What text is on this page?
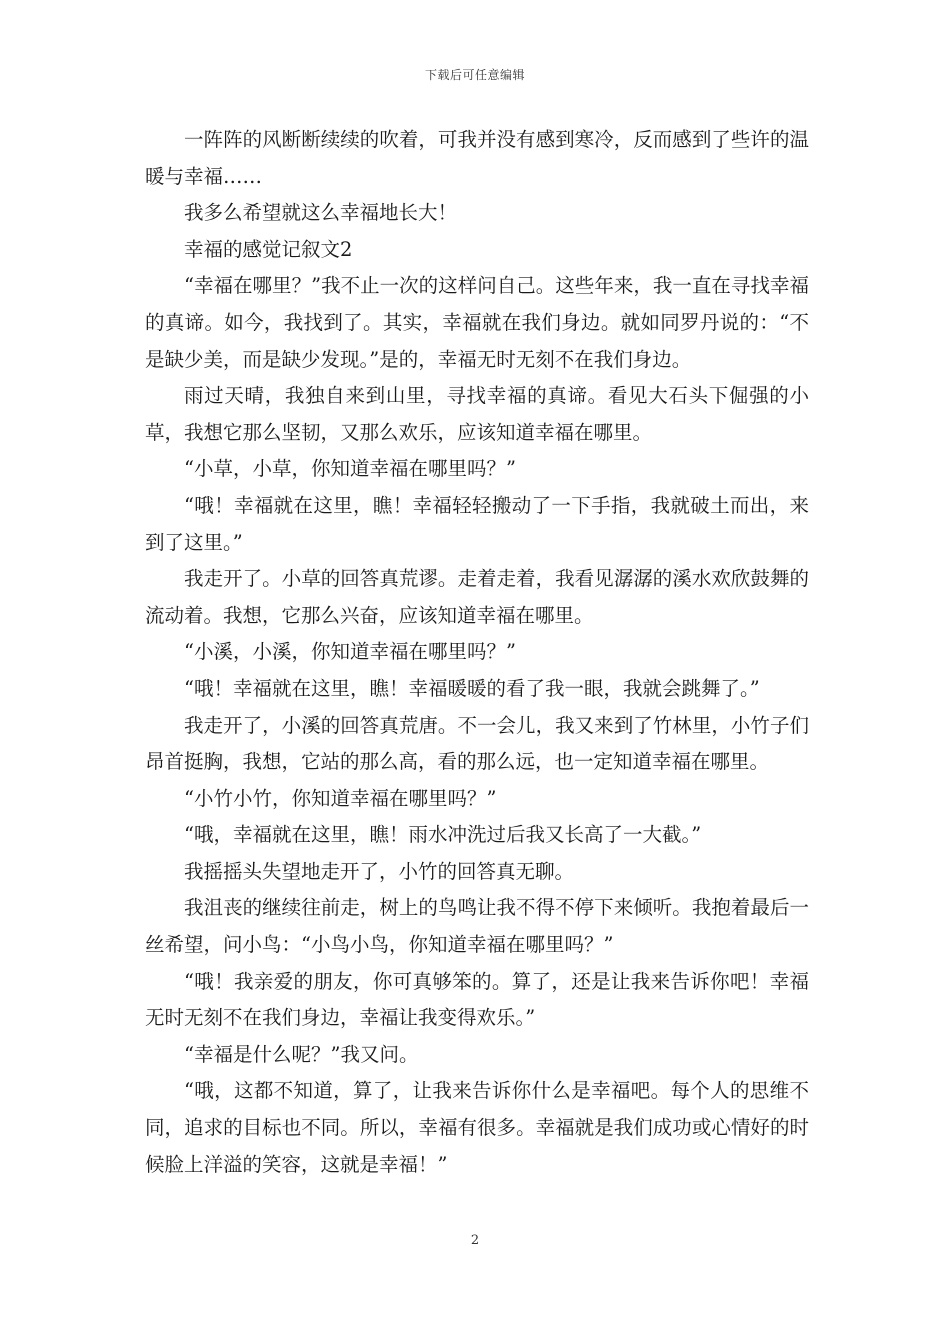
下载后可任意编辑

一阵阵的风断断续续的吹着，可我并没有感到寒冷，反而感到了些许的温暖与幸福……

我多么希望就这么幸福地长大！

幸福的感觉记叙文2

“幸福在哪里？”我不止一次的这样问自己。这些年来，我一直在寻找幸福的真谛。如今，我找到了。其实，幸福就在我们身边。就如同罗丹说的：“不是缺少美，而是缺少发现。”是的，幸福无时无刻不在我们身边。

雨过天晴，我独自来到山里，寻找幸福的真谛。看见大石头下倔强的小草，我想它那么坚韧，又那么欢乐，应该知道幸福在哪里。

“小草，小草，你知道幸福在哪里吗？”

“哦！幸福就在这里，瞧！幸福轻轻搬动了一下手指，我就破土而出，来到了这里。”

我走开了。小草的回答真荒谬。走着走着，我看见潺潺的溪水欢欣鼓舞的流动着。我想，它那么兴奋，应该知道幸福在哪里。

“小溪，小溪，你知道幸福在哪里吗？”

“哦！幸福就在这里，瞧！幸福暖暖的看了我一眼，我就会跳舞了。”

我走开了，小溪的回答真荒唐。不一会儿，我又来到了竹林里，小竹子们昂首挺胸，我想，它站的那么高，看的那么远，也一定知道幸福在哪里。

“小竹小竹，你知道幸福在哪里吗？”

“哦，幸福就在这里，瞧！雨水冲洗过后我又长高了一大截。”

我摇摇头失望地走开了，小竹的回答真无聊。

我沮丧的继续往前走，树上的鸟鸣让我不得不停下来倾听。我抱着最后一丝希望，问小鸟：“小鸟小鸟，你知道幸福在哪里吗？”

“哦！我亲爱的朋友，你可真够笨的。算了，还是让我来告诉你吧！幸福无时无刻不在我们身边，幸福让我变得欢乐。”

“幸福是什么呢？”我又问。

“哦，这都不知道，算了，让我来告诉你什么是幸福吧。每个人的思维不同，追求的目标也不同。所以，幸福有很多。幸福就是我们成功或心情好的时候脸上洋溢的笑容，这就是幸福！”

2
